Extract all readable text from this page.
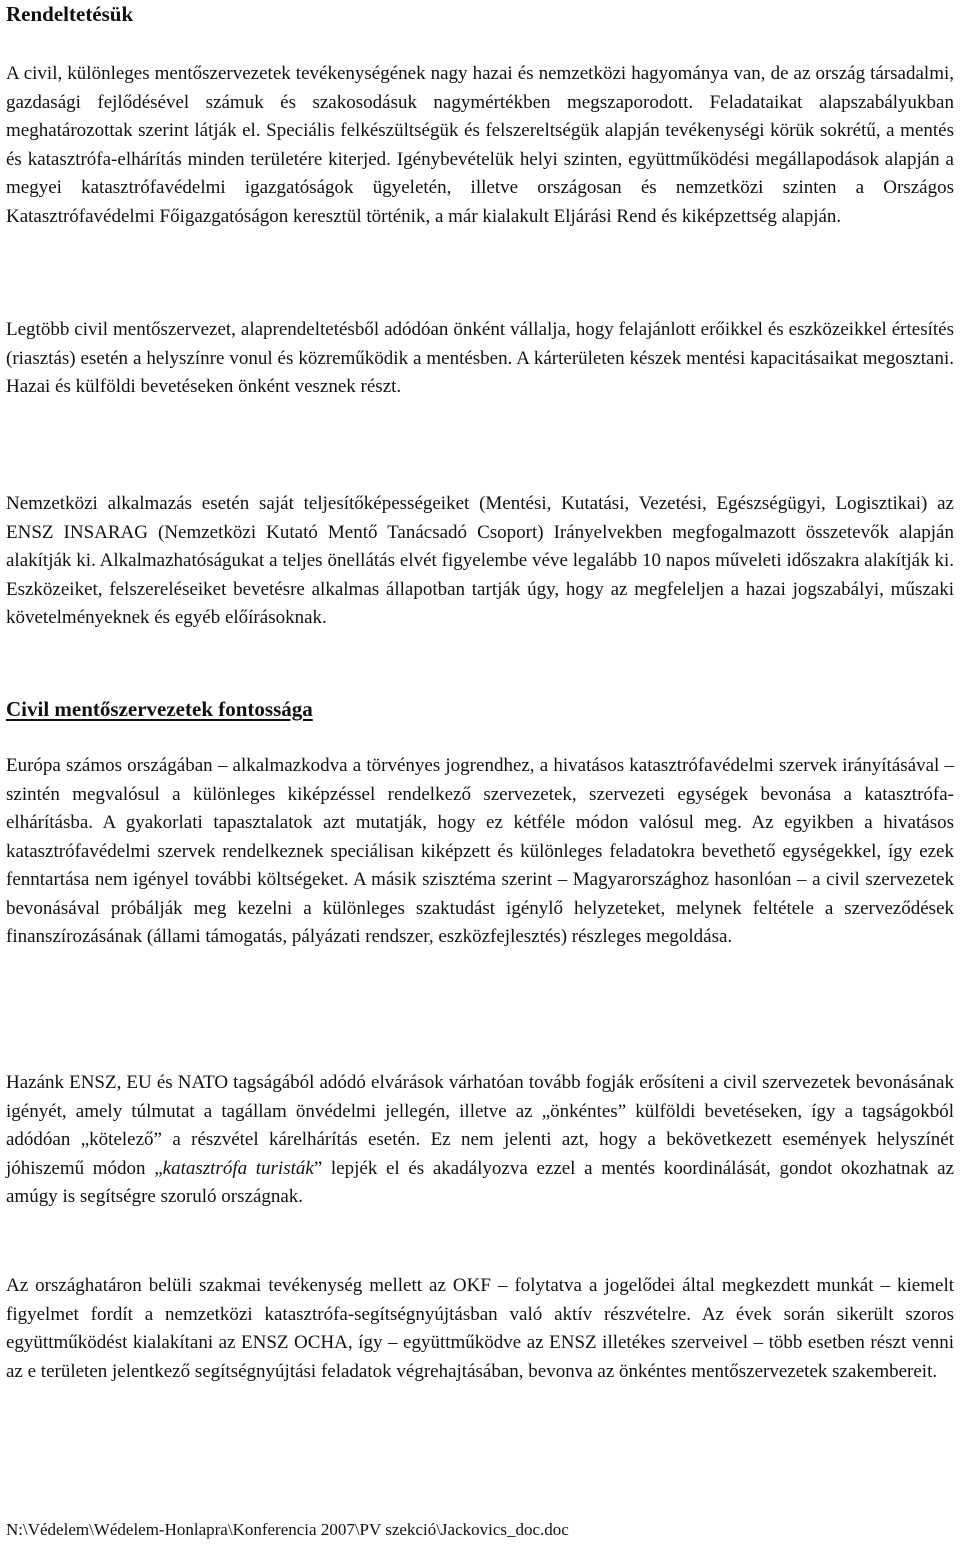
Rendeltetésük

A civil, különleges mentőszervezetek tevékenységének nagy hazai és nemzetközi hagyománya van, de az ország társadalmi, gazdasági fejlődésével számuk és szakosodásuk nagymértékben megszaporodott. Feladataikat alapszabályukban meghatározottak szerint látják el. Speciális felkészültségük és felszereltségük alapján tevékenységi körük sokrétű, a mentés és katasztrófa-elhárítás minden területére kiterjed. Igénybevételük helyi szinten, együttműködési megállapodások alapján a megyei katasztrófavédelmi igazgatóságok ügyeletén, illetve országosan és nemzetközi szinten a Országos Katasztrófavédelmi Főigazgatóságon keresztül történik, a már kialakult Eljárási Rend és kiképzettség alapján.

Legtöbb civil mentőszervezet, alaprendeltetésből adódóan önként vállalja, hogy felajánlott erőikkel és eszközeikkel értesítés (riasztás) esetén a helyszínre vonul és közreműködik a mentésben. A kárterületen készek mentési kapacitásaikat megosztani. Hazai és külföldi bevetéseken önként vesznek részt.

Nemzetközi alkalmazás esetén saját teljesítőképességeiket (Mentési, Kutatási, Vezetési, Egészségügyi, Logisztikai) az ENSZ INSARAG (Nemzetközi Kutató Mentő Tanácsadó Csoport) Irányelvekben megfogalmazott összetevők alapján alakítják ki. Alkalmazhatóságukat a teljes önellátás elvét figyelembe véve legalább 10 napos műveleti időszakra alakítják ki. Eszközeiket, felszereléseiket bevetésre alkalmas állapotban tartják úgy, hogy az megfeleljen a hazai jogszabályi, műszaki követelményeknek és egyéb előírásoknak.

Civil mentőszervezetek fontossága

Európa számos országában – alkalmazkodva a törvényes jogrendhez, a hivatásos katasztrófavédelmi szervek irányításával – szintén megvalósul a különleges kiképzéssel rendelkező szervezetek, szervezeti egységek bevonása a katasztrófa-elhárításba. A gyakorlati tapasztalatok azt mutatják, hogy ez kétféle módon valósul meg. Az egyikben a hivatásos katasztrófavédelmi szervek rendelkeznek speciálisan kiképzett és különleges feladatokra bevethető egységekkel, így ezek fenntartása nem igényel további költségeket. A másik szisztéma szerint – Magyarországhoz hasonlóan – a civil szervezetek bevonásával próbálják meg kezelni a különleges szaktudást igénylő helyzeteket, melynek feltétele a szerveződések finanszírozásának (állami támogatás, pályázati rendszer, eszközfejlesztés) részleges megoldása.

Hazánk ENSZ, EU és NATO tagságából adódó elvárások várhatóan tovább fogják erősíteni a civil szervezetek bevonásának igényét, amely túlmutat a tagállam önvédelmi jellegén, illetve az „önkéntes” külföldi bevetéseken, így a tagságokból adódóan „kötelező” a részvétel kárelhárítás esetén. Ez nem jelenti azt, hogy a bekövetkezett események helyszínét jóhiszemű módon „katasztrófa turisták” lepjék el és akadályozva ezzel a mentés koordinálását, gondot okozhatnak az amúgy is segítségre szoruló országnak.

Az országhatáron belüli szakmai tevékenység mellett az OKF – folytatva a jogelődei által megkezdett munkát – kiemelt figyelmet fordít a nemzetközi katasztrófa-segítségnyújtásban való aktív részvételre. Az évek során sikerült szoros együttműködést kialakítani az ENSZ OCHA, így – együttműködve az ENSZ illetékes szerveivel – több esetben részt venni az e területen jelentkező segítségnyújtási feladatok végrehajtásában, bevonva az önkéntes mentőszervezetek szakembereit.

N:\Védelem\Wédelem-Honlapra\Konferencia 2007\PV szekció\Jackovics_doc.doc
